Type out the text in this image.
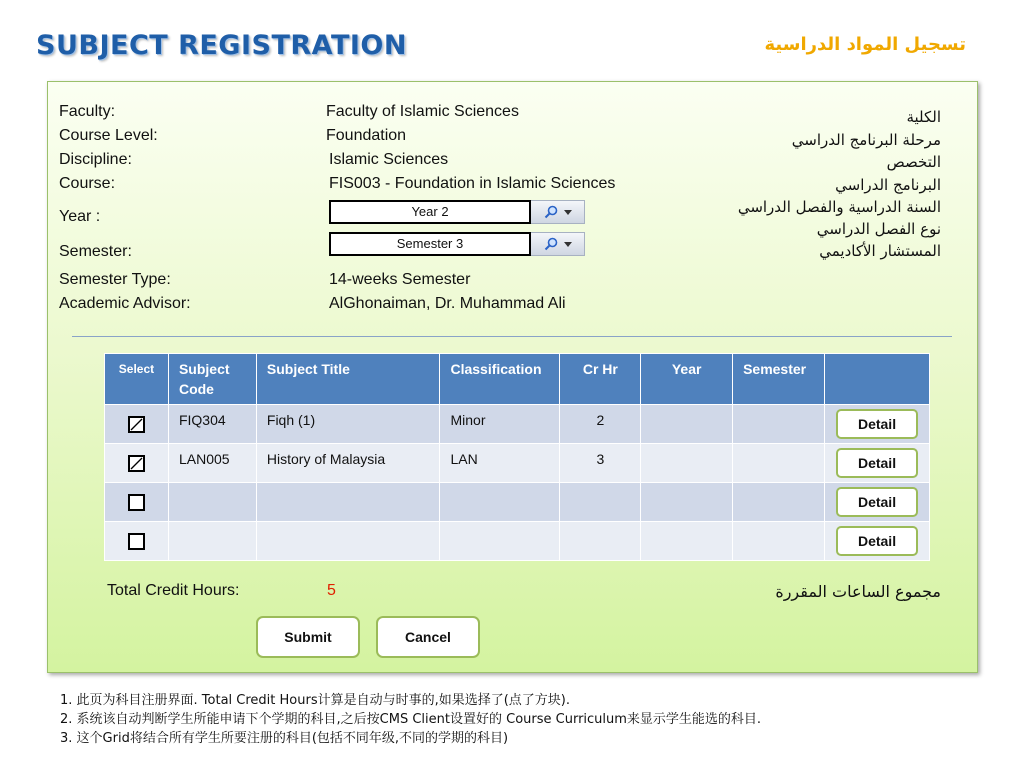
SUBJECT REGISTRATION	تسجيل المواد الدراسية
Faculty:	Faculty of Islamic Sciences
Course Level:	Foundation
Discipline:	Islamic Sciences
Course:	FIS003 - Foundation in Islamic Sciences
Year :	Year 2
Semester:	Semester 3
Semester Type:	14-weeks Semester
Academic Advisor:	AlGhonaiman, Dr. Muhammad Ali
الكلية
مرحلة البرنامج الدراسي
التخصص
البرنامج الدراسي
السنة الدراسية والفصل الدراسي
نوع الفصل الدراسي
المستشار الأكاديمي
Select	Subject Code	Subject Title	Classification	Cr Hr	Year	Semester	

	FIQ304	Fiqh (1)	Minor	2			Detail

	LAN005	History of Malaysia	LAN	3			Detail
							Detail
							Detail
Total Credit Hours:	5	مجموع الساعات المقررة
Submit	Cancel
1. 此页为科目注册界面. Total Credit Hours计算是自动与时事的,如果选择了(点了方块).
2. 系统该自动判断学生所能申请下个学期的科目,之后按CMS Client设置好的 Course Curriculum来显示学生能选的科目.
3. 这个Grid将结合所有学生所要注册的科目(包括不同年级,不同的学期的科目)
